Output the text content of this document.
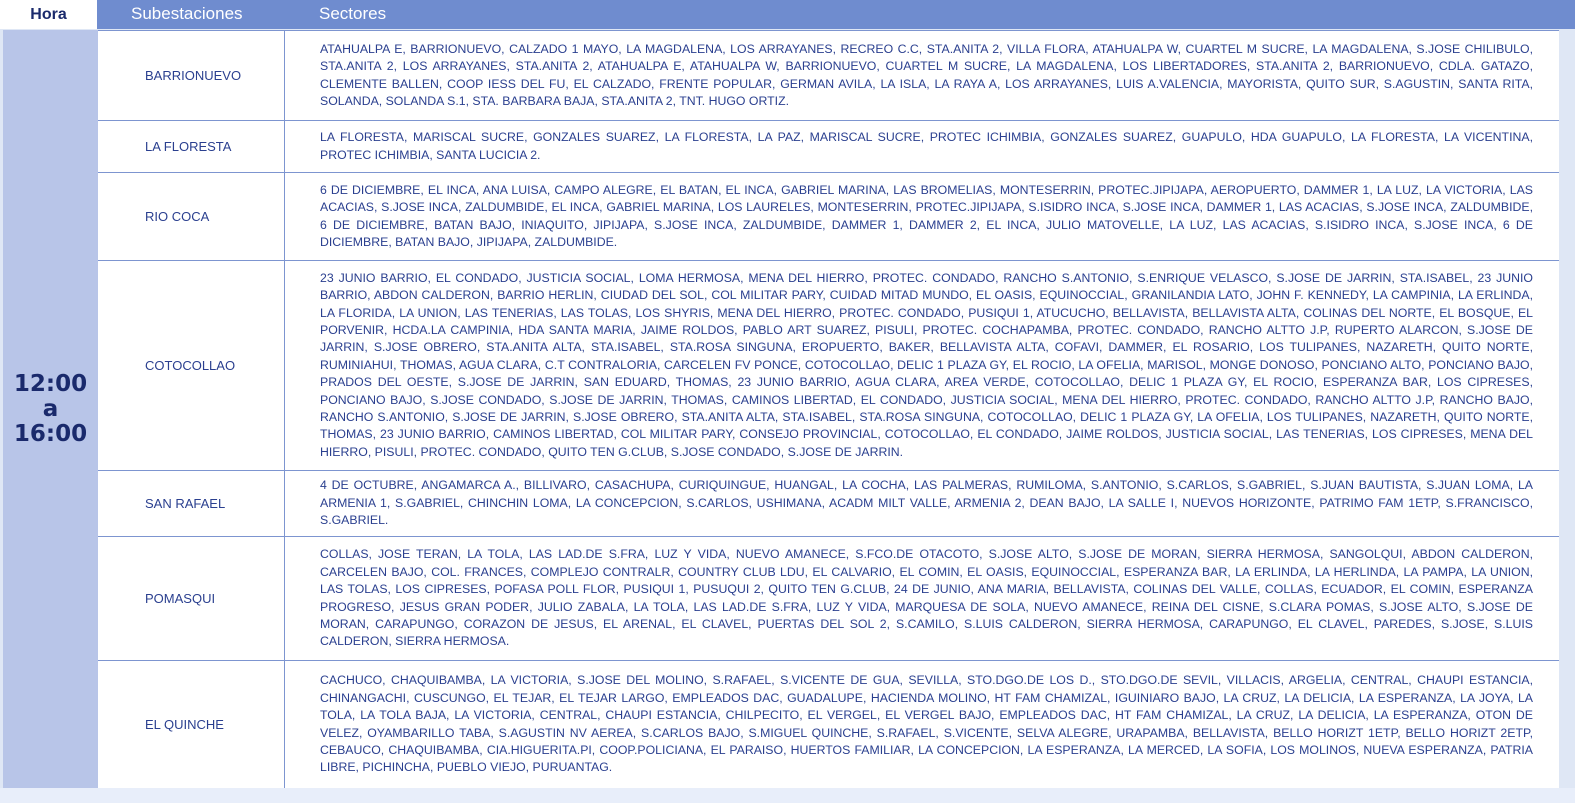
Hora	Subestaciones	Sectores
12:00
a
16:00
BARRIONUEVO
ATAHUALPA E, BARRIONUEVO, CALZADO 1 MAYO, LA MAGDALENA, LOS ARRAYANES, RECREO C.C, STA.ANITA 2, VILLA FLORA, ATAHUALPA W, CUARTEL M SUCRE, LA MAGDALENA, S.JOSE CHILIBULO, STA.ANITA 2, LOS ARRAYANES, STA.ANITA 2, ATAHUALPA E, ATAHUALPA W, BARRIONUEVO, CUARTEL M SUCRE, LA MAGDALENA, LOS LIBERTADORES, STA.ANITA 2, BARRIONUEVO, CDLA. GATAZO, CLEMENTE BALLEN, COOP IESS DEL FU, EL CALZADO, FRENTE POPULAR, GERMAN AVILA, LA ISLA, LA RAYA A, LOS ARRAYANES, LUIS A.VALENCIA, MAYORISTA, QUITO SUR, S.AGUSTIN, SANTA RITA, SOLANDA, SOLANDA S.1, STA. BARBARA BAJA, STA.ANITA 2, TNT. HUGO ORTIZ.
LA FLORESTA
LA FLORESTA, MARISCAL SUCRE, GONZALES SUAREZ, LA FLORESTA, LA PAZ, MARISCAL SUCRE, PROTEC ICHIMBIA, GONZALES SUAREZ, GUAPULO, HDA GUAPULO, LA FLORESTA, LA VICENTINA, PROTEC ICHIMBIA, SANTA LUCICIA 2.
RIO COCA
6 DE DICIEMBRE, EL INCA, ANA LUISA, CAMPO ALEGRE, EL BATAN, EL INCA, GABRIEL MARINA, LAS BROMELIAS, MONTESERRIN, PROTEC.JIPIJAPA, AEROPUERTO, DAMMER 1, LA LUZ, LA VICTORIA, LAS ACACIAS, S.JOSE INCA, ZALDUMBIDE, EL INCA, GABRIEL MARINA, LOS LAURELES, MONTESERRIN, PROTEC.JIPIJAPA, S.ISIDRO INCA, S.JOSE INCA, DAMMER 1, LAS ACACIAS, S.JOSE INCA, ZALDUMBIDE, 6 DE DICIEMBRE, BATAN BAJO, INIAQUITO, JIPIJAPA, S.JOSE INCA, ZALDUMBIDE, DAMMER 1, DAMMER 2, EL INCA, JULIO MATOVELLE, LA LUZ, LAS ACACIAS, S.ISIDRO INCA, S.JOSE INCA, 6 DE DICIEMBRE, BATAN BAJO, JIPIJAPA, ZALDUMBIDE.
COTOCOLLAO
23 JUNIO BARRIO, EL CONDADO, JUSTICIA SOCIAL, LOMA HERMOSA, MENA DEL HIERRO, PROTEC. CONDADO, RANCHO S.ANTONIO, S.ENRIQUE VELASCO, S.JOSE DE JARRIN, STA.ISABEL, 23 JUNIO BARRIO, ABDON CALDERON, BARRIO HERLIN, CIUDAD DEL SOL, COL MILITAR PARY, CUIDAD MITAD MUNDO, EL OASIS, EQUINOCCIAL, GRANILANDIA LATO, JOHN F. KENNEDY, LA CAMPINIA, LA ERLINDA, LA FLORIDA, LA UNION, LAS TENERIAS, LAS TOLAS, LOS SHYRIS, MENA DEL HIERRO, PROTEC. CONDADO, PUSIQUI 1, ATUCUCHO, BELLAVISTA, BELLAVISTA ALTA, COLINAS DEL NORTE, EL BOSQUE, EL PORVENIR, HCDA.LA CAMPINIA, HDA SANTA MARIA, JAIME ROLDOS, PABLO ART SUAREZ, PISULI, PROTEC. COCHAPAMBA, PROTEC. CONDADO, RANCHO ALTTO J.P, RUPERTO ALARCON, S.JOSE DE JARRIN, S.JOSE OBRERO, STA.ANITA ALTA, STA.ISABEL, STA.ROSA SINGUNA, EROPUERTO, BAKER, BELLAVISTA ALTA, COFAVI, DAMMER, EL ROSARIO, LOS TULIPANES, NAZARETH, QUITO NORTE, RUMINIAHUI, THOMAS, AGUA CLARA, C.T CONTRALORIA, CARCELEN FV PONCE, COTOCOLLAO, DELIC 1 PLAZA GY, EL ROCIO, LA OFELIA, MARISOL, MONGE DONOSO, PONCIANO ALTO, PONCIANO BAJO, PRADOS DEL OESTE, S.JOSE DE JARRIN, SAN EDUARD, THOMAS, 23 JUNIO BARRIO, AGUA CLARA, AREA VERDE, COTOCOLLAO, DELIC 1 PLAZA GY, EL ROCIO, ESPERANZA BAR, LOS CIPRESES, PONCIANO BAJO, S.JOSE CONDADO, S.JOSE DE JARRIN, THOMAS, CAMINOS LIBERTAD, EL CONDADO, JUSTICIA SOCIAL, MENA DEL HIERRO, PROTEC. CONDADO, RANCHO ALTTO J.P, RANCHO BAJO, RANCHO S.ANTONIO, S.JOSE DE JARRIN, S.JOSE OBRERO, STA.ANITA ALTA, STA.ISABEL, STA.ROSA SINGUNA, COTOCOLLAO, DELIC 1 PLAZA GY, LA OFELIA, LOS TULIPANES, NAZARETH, QUITO NORTE, THOMAS, 23 JUNIO BARRIO, CAMINOS LIBERTAD, COL MILITAR PARY, CONSEJO PROVINCIAL, COTOCOLLAO, EL CONDADO, JAIME ROLDOS, JUSTICIA SOCIAL, LAS TENERIAS, LOS CIPRESES, MENA DEL HIERRO, PISULI, PROTEC. CONDADO, QUITO TEN G.CLUB, S.JOSE CONDADO, S.JOSE DE JARRIN.
SAN RAFAEL
4 DE OCTUBRE, ANGAMARCA A., BILLIVARO, CASACHUPA, CURIQUINGUE, HUANGAL, LA COCHA, LAS PALMERAS, RUMILOMA, S.ANTONIO, S.CARLOS, S.GABRIEL, S.JUAN BAUTISTA, S.JUAN LOMA, LA ARMENIA 1, S.GABRIEL, CHINCHIN LOMA, LA CONCEPCION, S.CARLOS, USHIMANA, ACADM MILT VALLE, ARMENIA 2, DEAN BAJO, LA SALLE I, NUEVOS HORIZONTE, PATRIMO FAM 1ETP, S.FRANCISCO, S.GABRIEL.
POMASQUI
COLLAS, JOSE TERAN, LA TOLA, LAS LAD.DE S.FRA, LUZ Y VIDA, NUEVO AMANECE, S.FCO.DE OTACOTO, S.JOSE ALTO, S.JOSE DE MORAN, SIERRA HERMOSA, SANGOLQUI, ABDON CALDERON, CARCELEN BAJO, COL. FRANCES, COMPLEJO CONTRALR, COUNTRY CLUB LDU, EL CALVARIO, EL COMIN, EL OASIS, EQUINOCCIAL, ESPERANZA BAR, LA ERLINDA, LA HERLINDA, LA PAMPA, LA UNION, LAS TOLAS, LOS CIPRESES, POFASA POLL FLOR, PUSIQUI 1, PUSUQUI 2, QUITO TEN G.CLUB, 24 DE JUNIO, ANA MARIA, BELLAVISTA, COLINAS DEL VALLE, COLLAS, ECUADOR, EL COMIN, ESPERANZA PROGRESO, JESUS GRAN PODER, JULIO ZABALA, LA TOLA, LAS LAD.DE S.FRA, LUZ Y VIDA, MARQUESA DE SOLA, NUEVO AMANECE, REINA DEL CISNE, S.CLARA POMAS, S.JOSE ALTO, S.JOSE DE MORAN, CARAPUNGO, CORAZON DE JESUS, EL ARENAL, EL CLAVEL, PUERTAS DEL SOL 2, S.CAMILO, S.LUIS CALDERON, SIERRA HERMOSA, CARAPUNGO, EL CLAVEL, PAREDES, S.JOSE, S.LUIS CALDERON, SIERRA HERMOSA.
EL QUINCHE
CACHUCO, CHAQUIBAMBA, LA VICTORIA, S.JOSE DEL MOLINO, S.RAFAEL, S.VICENTE DE GUA, SEVILLA, STO.DGO.DE LOS D., STO.DGO.DE SEVIL, VILLACIS, ARGELIA, CENTRAL, CHAUPI ESTANCIA, CHINANGACHI, CUSCUNGO, EL TEJAR, EL TEJAR LARGO, EMPLEADOS DAC, GUADALUPE, HACIENDA MOLINO, HT FAM CHAMIZAL, IGUINIARO BAJO, LA CRUZ, LA DELICIA, LA ESPERANZA, LA JOYA, LA TOLA, LA TOLA BAJA, LA VICTORIA, CENTRAL, CHAUPI ESTANCIA, CHILPECITO, EL VERGEL, EL VERGEL BAJO, EMPLEADOS DAC, HT FAM CHAMIZAL, LA CRUZ, LA DELICIA, LA ESPERANZA, OTON DE VELEZ, OYAMBARILLO TABA, S.AGUSTIN NV AEREA, S.CARLOS BAJO, S.MIGUEL QUINCHE, S.RAFAEL, S.VICENTE, SELVA ALEGRE, URAPAMBA, BELLAVISTA, BELLO HORIZT 1ETP, BELLO HORIZT 2ETP, CEBAUCO, CHAQUIBAMBA, CIA.HIGUERITA.PI, COOP.POLICIANA, EL PARAISO, HUERTOS FAMILIAR, LA CONCEPCION, LA ESPERANZA, LA MERCED, LA SOFIA, LOS MOLINOS, NUEVA ESPERANZA, PATRIA LIBRE, PICHINCHA, PUEBLO VIEJO, PURUANTAG.
